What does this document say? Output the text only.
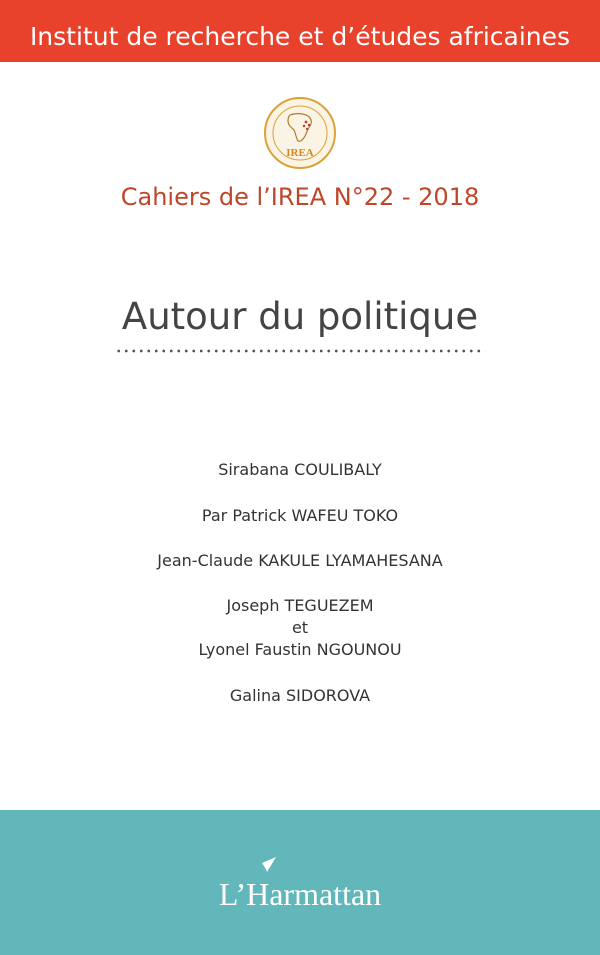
Institut de recherche et d’études africaines
IREA
Cahiers de l’IREA N°22 - 2018
Autour du politique
Sirabana COULIBALY
Par Patrick WAFEU TOKO
Jean-Claude KAKULE LYAMAHESANA
Joseph TEGUEZEM
et
Lyonel Faustin NGOUNOU
Galina SIDOROVA
L’Harmattan
